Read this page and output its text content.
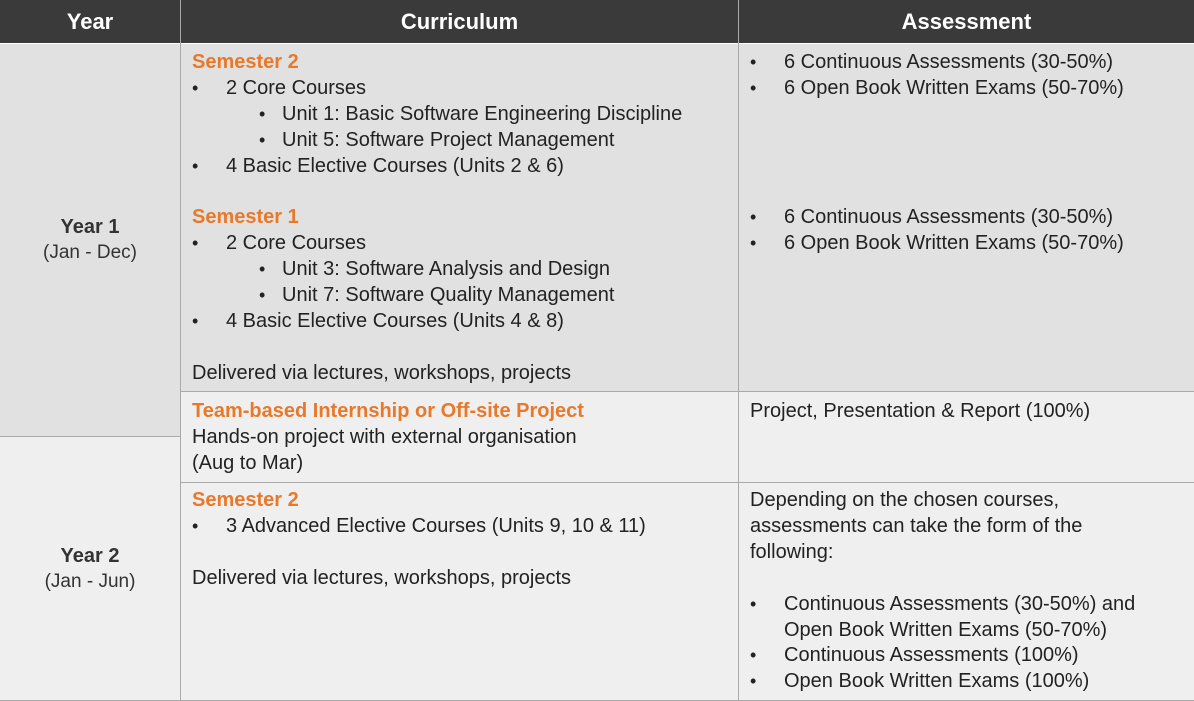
Year	Curriculum	Assessment
Year 1
(Jan - Dec)
Year 2
(Jan - Jun)
Semester 2
• 2 Core Courses
• Unit 1: Basic Software Engineering Discipline
• Unit 5: Software Project Management
• 4 Basic Elective Courses (Units 2 & 6)
Semester 1
• 2 Core Courses
• Unit 3: Software Analysis and Design
• Unit 7: Software Quality Management
• 4 Basic Elective Courses (Units 4 & 8)
Delivered via lectures, workshops, projects
• 6 Continuous Assessments (30-50%)
• 6 Open Book Written Exams (50-70%)
• 6 Continuous Assessments (30-50%)
• 6 Open Book Written Exams (50-70%)
Team-based Internship or Off-site Project
Hands-on project with external organisation
(Aug to Mar)
Project, Presentation & Report (100%)
Semester 2
• 3 Advanced Elective Courses (Units 9, 10 & 11)
Delivered via lectures, workshops, projects
Depending on the chosen courses,
assessments can take the form of the
following:
• Continuous Assessments (30-50%) and
Open Book Written Exams (50-70%)
• Continuous Assessments (100%)
• Open Book Written Exams (100%)
